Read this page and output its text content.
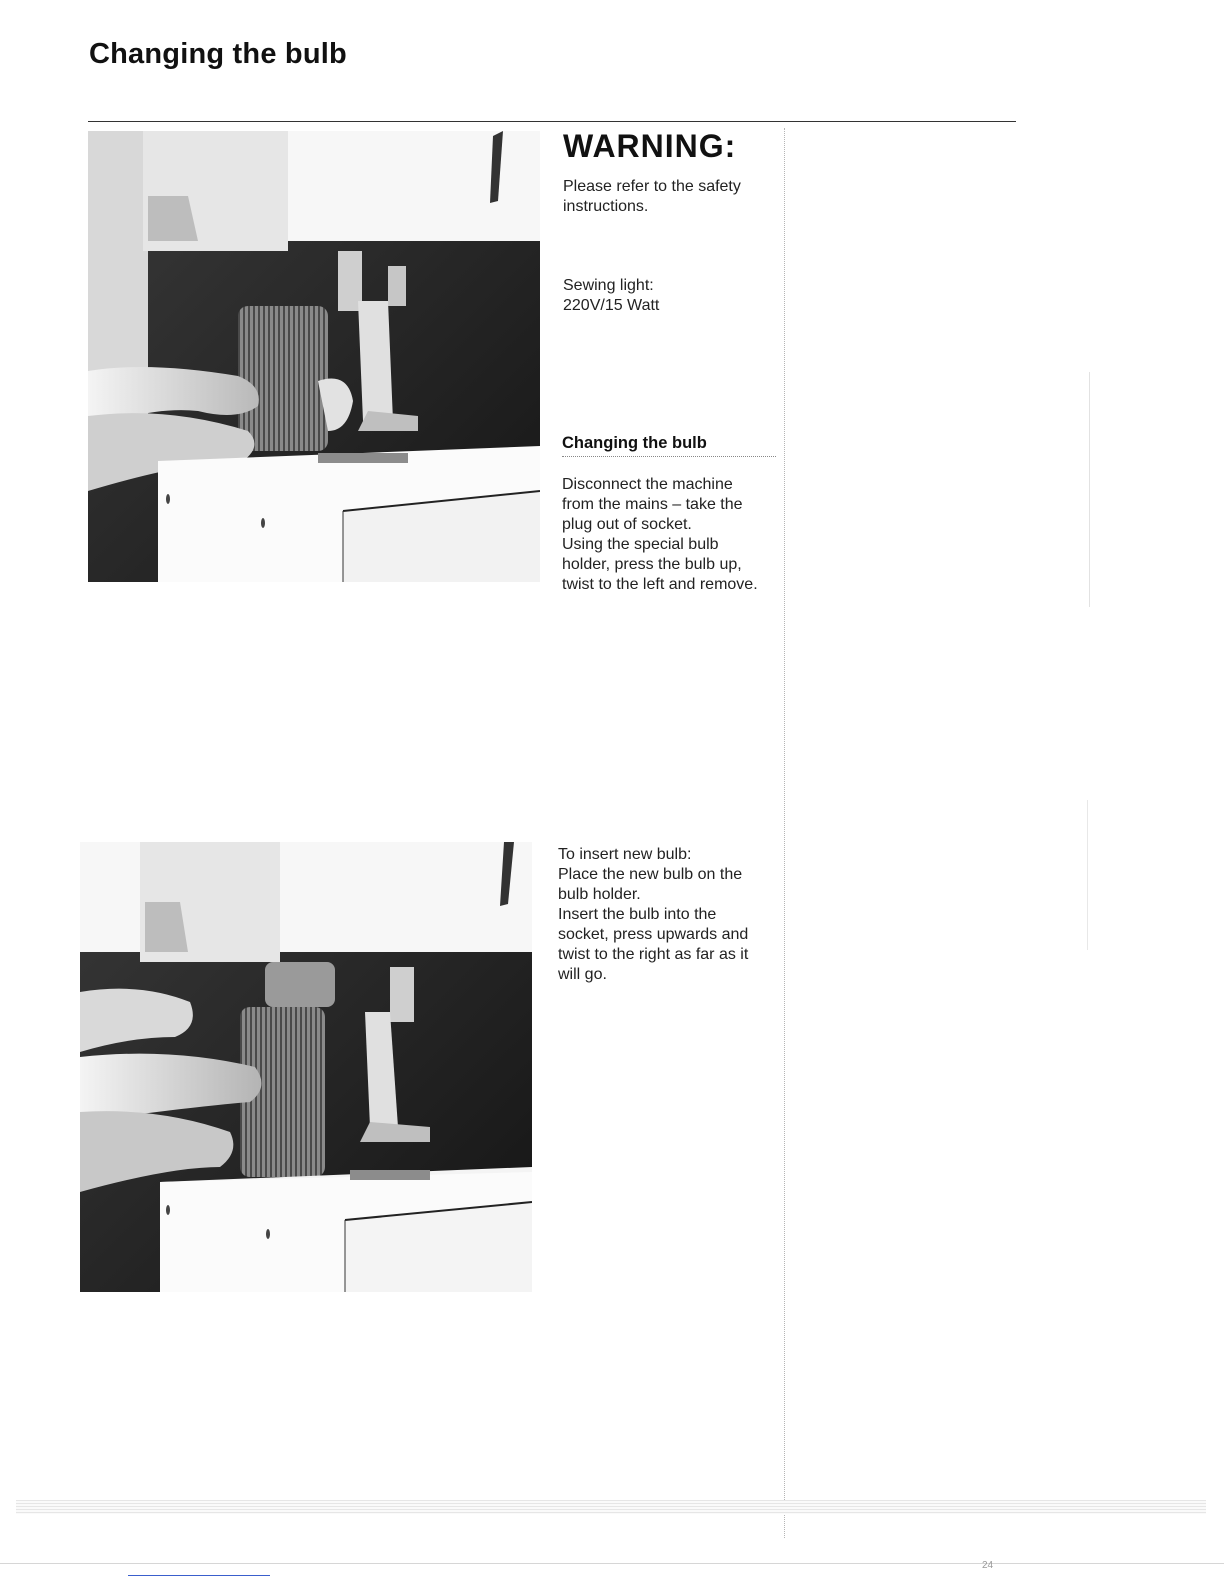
Changing the bulb
WARNING:

Please refer to the safety

instructions.

Sewing light:

220V/15 Watt

Changing the bulb

Disconnect the machine

from the mains – take the

plug out of socket.

Using the special bulb

holder, press the bulb up,

twist to the left and remove.

To insert new bulb:

Place the new bulb on the

bulb holder.

Insert the bulb into the

socket, press upwards and

twist to the right as far as it

will go.

24
